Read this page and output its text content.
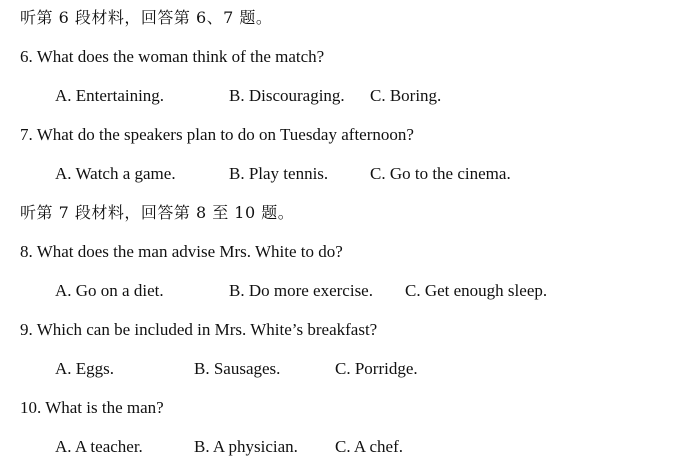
听第 6 段材料，回答第 6、7 题。
6. What does the woman think of the match?
A. Entertaining.	B. Discouraging. C. Boring.
7. What do the speakers plan to do on Tuesday afternoon?
A. Watch a game.	B. Play tennis. C. Go to the cinema.
听第 7 段材料，回答第 8 至 10 题。
8. What does the man advise Mrs. White to do?
A. Go on a diet.	B. Do more exercise. C. Get enough sleep.
9. Which can be included in Mrs. White’s breakfast?
A. Eggs.	B. Sausages.	C. Porridge.
10. What is the man?
A. A teacher.	B. A physician. C. A chef.
